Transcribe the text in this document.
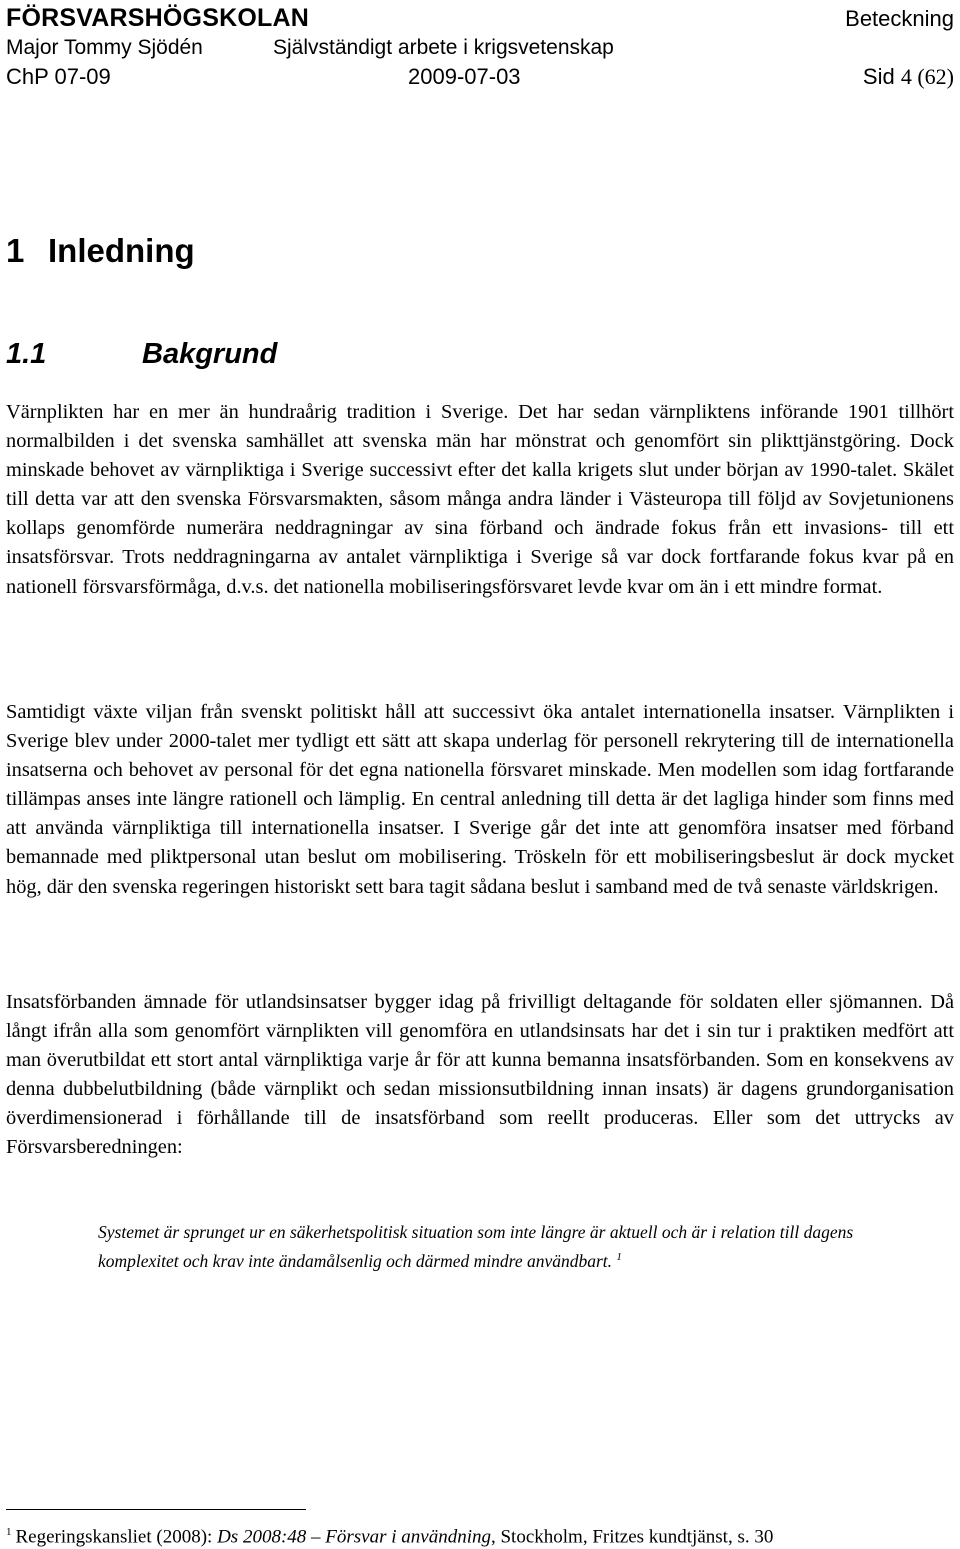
FÖRSVARSHÖGSKOLAN	Beteckning
Major Tommy Sjödén	Självständigt arbete i krigsvetenskap
ChP 07-09	2009-07-03	Sid 4 (62)
1 Inledning
1.1	Bakgrund

Värnplikten har en mer än hundraårig tradition i Sverige. Det har sedan värnpliktens införande 1901 tillhört normalbilden i det svenska samhället att svenska män har mönstrat och genomfört sin plikttjänstgöring. Dock minskade behovet av värnpliktiga i Sverige successivt efter det kalla krigets slut under början av 1990-talet. Skälet till detta var att den svenska Försvarsmakten, såsom många andra länder i Västeuropa till följd av Sovjetunionens kollaps genomförde numerära neddragningar av sina förband och ändrade fokus från ett invasions- till ett insatsförsvar. Trots neddragningarna av antalet värnpliktiga i Sverige så var dock fortfarande fokus kvar på en nationell försvarsförmåga, d.v.s. det nationella mobiliseringsförsvaret levde kvar om än i ett mindre format.

Samtidigt växte viljan från svenskt politiskt håll att successivt öka antalet internationella insatser. Värnplikten i Sverige blev under 2000-talet mer tydligt ett sätt att skapa underlag för personell rekrytering till de internationella insatserna och behovet av personal för det egna nationella försvaret minskade. Men modellen som idag fortfarande tillämpas anses inte längre rationell och lämplig. En central anledning till detta är det lagliga hinder som finns med att använda värnpliktiga till internationella insatser. I Sverige går det inte att genomföra insatser med förband bemannade med pliktpersonal utan beslut om mobilisering. Tröskeln för ett mobiliseringsbeslut är dock mycket hög, där den svenska regeringen historiskt sett bara tagit sådana beslut i samband med de två senaste världskrigen.

Insatsförbanden ämnade för utlandsinsatser bygger idag på frivilligt deltagande för soldaten eller sjömannen. Då långt ifrån alla som genomfört värnplikten vill genomföra en utlandsinsats har det i sin tur i praktiken medfört att man överutbildat ett stort antal värnpliktiga varje år för att kunna bemanna insatsförbanden. Som en konsekvens av denna dubbelutbildning (både värnplikt och sedan missionsutbildning innan insats) är dagens grundorganisation överdimensionerad i förhållande till de insatsförband som reellt produceras. Eller som det uttrycks av Försvarsberedningen:

Systemet är sprunget ur en säkerhetspolitisk situation som inte längre är aktuell och är i relation till dagens komplexitet och krav inte ändamålsenlig och därmed mindre användbart. $^1$

$^1$ Regeringskansliet (2008): Ds 2008:48 – Försvar i användning, Stockholm, Fritzes kundtjänst, s. 30
